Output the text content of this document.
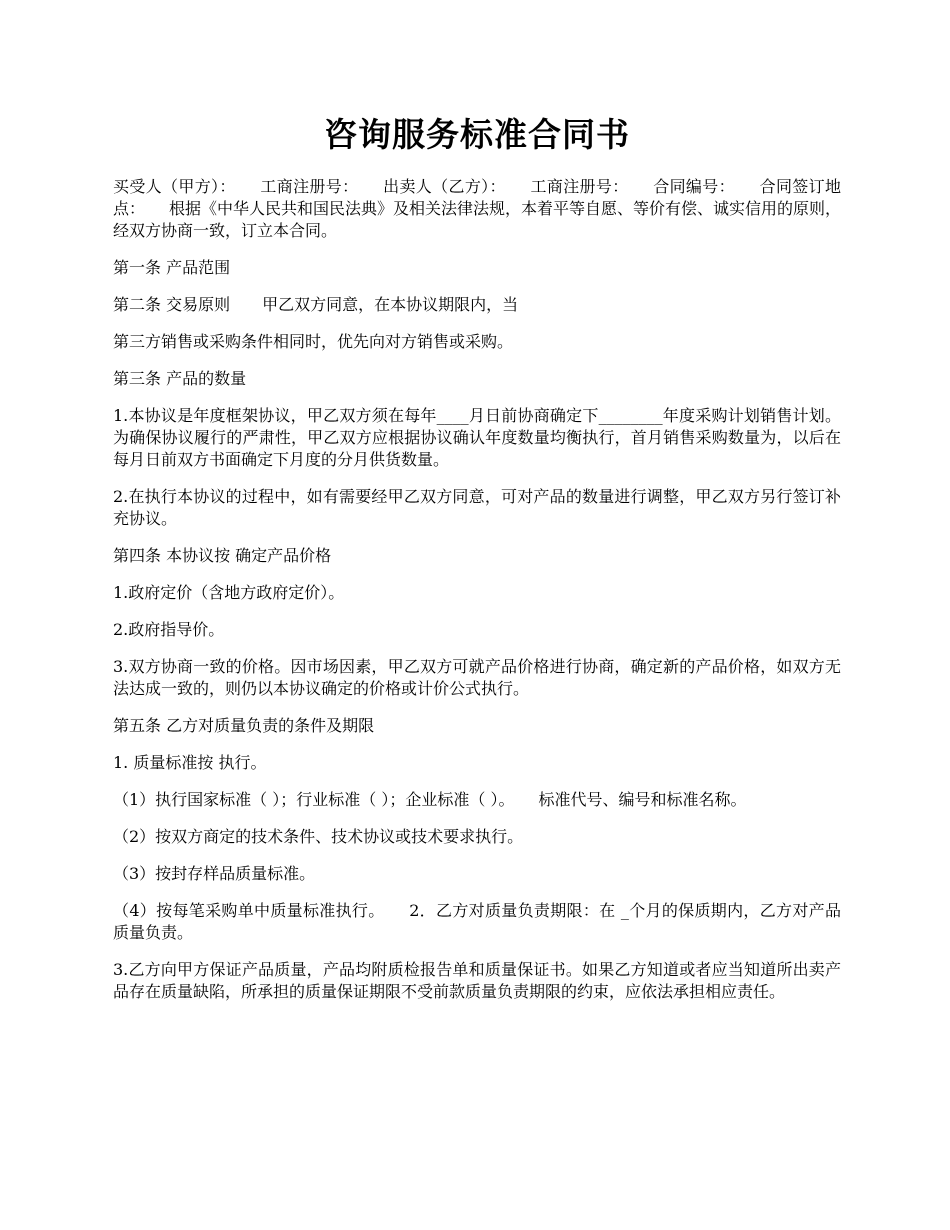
咨询服务标准合同书

买受人（甲方）：　　工商注册号：　　出卖人（乙方）：　　工商注册号：　　合同编号：　　合同签订地点：　　根据《中华人民共和国民法典》及相关法律法规，本着平等自愿、等价有偿、诚实信用的原则，经双方协商一致，订立本合同。

第一条 产品范围

第二条 交易原则　　甲乙双方同意，在本协议期限内，当

第三方销售或采购条件相同时，优先向对方销售或采购。

第三条 产品的数量

1.本协议是年度框架协议，甲乙双方须在每年____月日前协商确定下________年度采购计划销售计划。为确保协议履行的严肃性，甲乙双方应根据协议确认年度数量均衡执行，首月销售采购数量为，以后在每月日前双方书面确定下月度的分月供货数量。

2.在执行本协议的过程中，如有需要经甲乙双方同意，可对产品的数量进行调整，甲乙双方另行签订补充协议。

第四条 本协议按 确定产品价格

1.政府定价（含地方政府定价）。

2.政府指导价。

3.双方协商一致的价格。因市场因素，甲乙双方可就产品价格进行协商，确定新的产品价格，如双方无法达成一致的，则仍以本协议确定的价格或计价公式执行。

第五条 乙方对质量负责的条件及期限

1. 质量标准按 执行。

（1）执行国家标准（ ）；行业标准（ ）；企业标准（ ）。　　标准代号、编号和标准名称。

（2）按双方商定的技术条件、技术协议或技术要求执行。

（3）按封存样品质量标准。

（4）按每笔采购单中质量标准执行。　　2．乙方对质量负责期限：在 _个月的保质期内，乙方对产品质量负责。

3.乙方向甲方保证产品质量，产品均附质检报告单和质量保证书。如果乙方知道或者应当知道所出卖产品存在质量缺陷，所承担的质量保证期限不受前款质量负责期限的约束，应依法承担相应责任。
